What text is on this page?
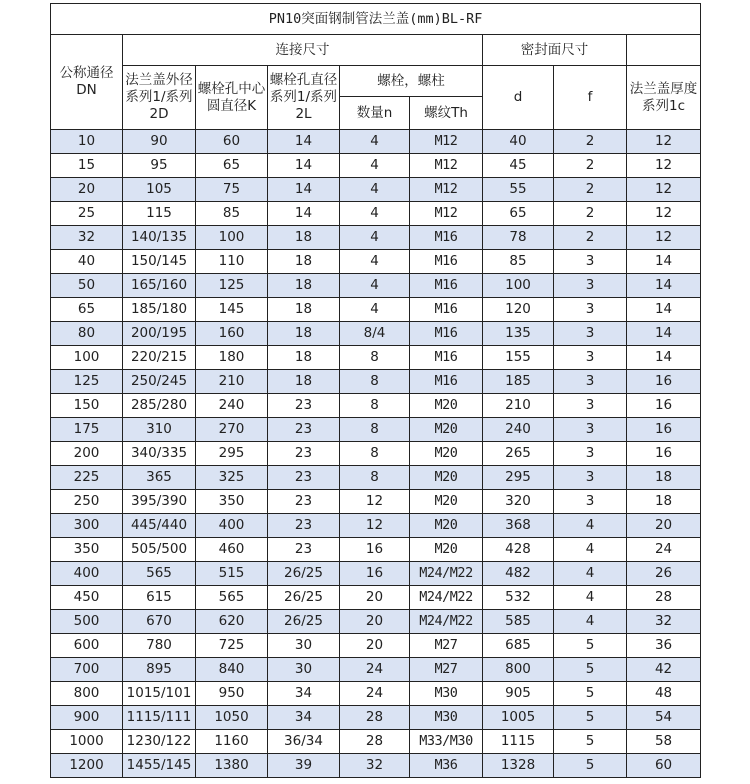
PN10突面钢制管法兰盖(mm)BL-RF								
公称通径DN	连接尺寸					密封面尺寸		
	法兰盖外径系列1/系列2D	螺栓孔中心圆直径K	螺栓孔直径系列1/系列2L	螺栓，螺柱		d	f	法兰盖厚度系列1c
				数量n	螺纹Th			
10	90	60	14	4	M12	40	2	12
15	95	65	14	4	M12	45	2	12
20	105	75	14	4	M12	55	2	12
25	115	85	14	4	M12	65	2	12
32	140/135	100	18	4	M16	78	2	12
40	150/145	110	18	4	M16	85	3	14
50	165/160	125	18	4	M16	100	3	14
65	185/180	145	18	4	M16	120	3	14
80	200/195	160	18	8/4	M16	135	3	14
100	220/215	180	18	8	M16	155	3	14
125	250/245	210	18	8	M16	185	3	16
150	285/280	240	23	8	M20	210	3	16
175	310	270	23	8	M20	240	3	16
200	340/335	295	23	8	M20	265	3	16
225	365	325	23	8	M20	295	3	18
250	395/390	350	23	12	M20	320	3	18
300	445/440	400	23	12	M20	368	4	20
350	505/500	460	23	16	M20	428	4	24
400	565	515	26/25	16	M24/M22	482	4	26
450	615	565	26/25	20	M24/M22	532	4	28
500	670	620	26/25	20	M24/M22	585	4	32
600	780	725	30	20	M27	685	5	36
700	895	840	30	24	M27	800	5	42
800	1015/101	950	34	24	M30	905	5	48
900	1115/111	1050	34	28	M30	1005	5	54
1000	1230/122	1160	36/34	28	M33/M30	1115	5	58
1200	1455/145	1380	39	32	M36	1328	5	60
